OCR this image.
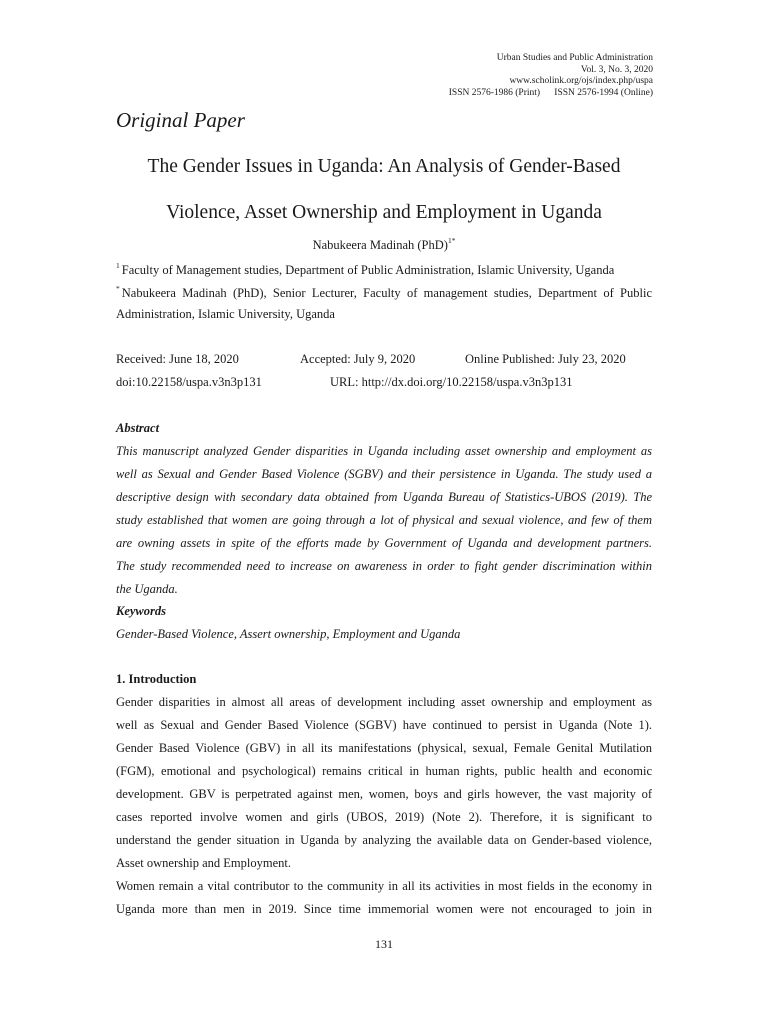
Urban Studies and Public Administration
Vol. 3, No. 3, 2020
www.scholink.org/ojs/index.php/uspa
ISSN 2576-1986 (Print)      ISSN 2576-1994 (Online)
Original Paper
The Gender Issues in Uganda: An Analysis of Gender-Based
Violence, Asset Ownership and Employment in Uganda
Nabukeera Madinah (PhD)$^{1*}$
$^1$ Faculty of Management studies, Department of Public Administration, Islamic University, Uganda
* Nabukeera Madinah (PhD), Senior Lecturer, Faculty of management studies, Department of Public
Administration, Islamic University, Uganda
Received: June 18, 2020	Accepted: July 9, 2020	Online Published: July 23, 2020
doi:10.22158/uspa.v3n3p131	URL: http://dx.doi.org/10.22158/uspa.v3n3p131
Abstract
This manuscript analyzed Gender disparities in Uganda including asset ownership and employment as
well as Sexual and Gender Based Violence (SGBV) and their persistence in Uganda. The study used a
descriptive design with secondary data obtained from Uganda Bureau of Statistics-UBOS (2019). The
study established that women are going through a lot of physical and sexual violence, and few of them
are owning assets in spite of the efforts made by Government of Uganda and development partners.
The study recommended need to increase on awareness in order to fight gender discrimination within
the Uganda.
Keywords
Gender-Based Violence, Assert ownership, Employment and Uganda
1. Introduction
Gender disparities in almost all areas of development including asset ownership and employment as
well as Sexual and Gender Based Violence (SGBV) have continued to persist in Uganda (Note 1).
Gender Based Violence (GBV) in all its manifestations (physical, sexual, Female Genital Mutilation
(FGM), emotional and psychological) remains critical in human rights, public health and economic
development. GBV is perpetrated against men, women, boys and girls however, the vast majority of
cases reported involve women and girls (UBOS, 2019) (Note 2). Therefore, it is significant to
understand the gender situation in Uganda by analyzing the available data on Gender-based violence,
Asset ownership and Employment.
Women remain a vital contributor to the community in all its activities in most fields in the economy in
Uganda more than men in 2019. Since time immemorial women were not encouraged to join in
131
